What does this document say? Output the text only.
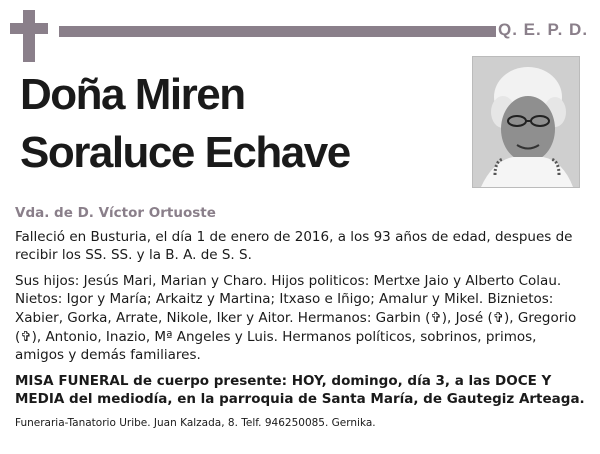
Q. E. P. D.
Doña Miren
Soraluce Echave

Vda. de D. Víctor Ortuoste

Falleció en Busturia, el día 1 de enero de 2016, a los 93 años de edad, despues de recibir los SS. SS. y la B. A. de S. S.

Sus hijos: Jesús Mari, Marian y Charo. Hijos politicos: Mertxe Jaio y Alberto Colau. Nietos: Igor y María; Arkaitz y Martina; Itxaso e Iñigo; Amalur y Mikel. Biznietos: Xabier, Gorka, Arrate, Nikole, Iker y Aitor. Hermanos: Garbin (✞), José (✞), Gregorio (✞), Antonio, Inazio, Mª Angeles y Luis. Hermanos políticos, sobrinos, primos, amigos y demás familiares.

MISA FUNERAL de cuerpo presente: HOY, domingo, día 3, a las DOCE Y MEDIA del mediodía, en la parroquia de Santa María, de Gautegiz Arteaga.

Funeraria-Tanatorio Uribe. Juan Kalzada, 8. Telf. 946250085. Gernika.
